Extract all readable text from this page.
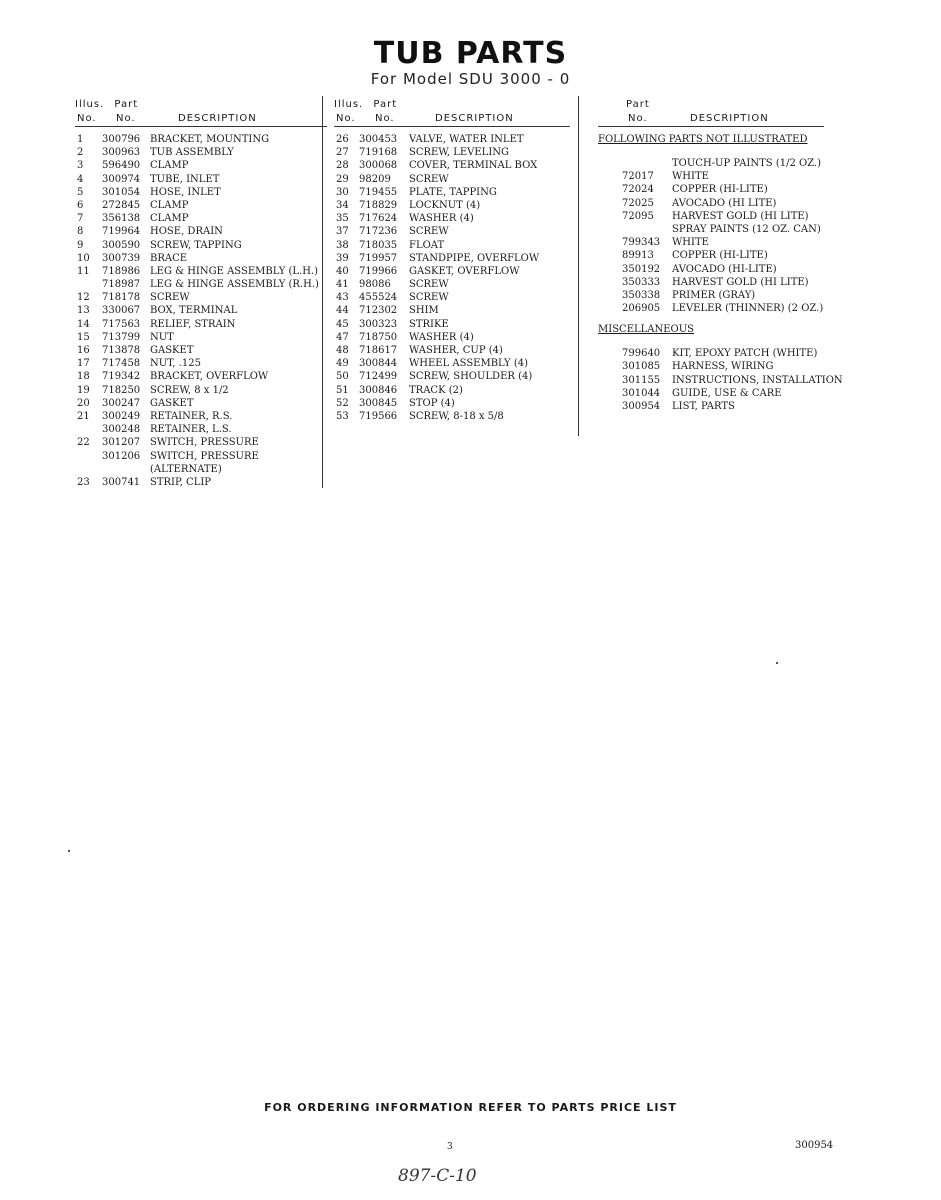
TUB PARTS
For Model SDU 3000 - 0
Illus. Part
No. No.	DESCRIPTION
1 300796 BRACKET, MOUNTING
2 300963 TUB ASSEMBLY
3 596490 CLAMP
4 300974 TUBE, INLET
5 301054 HOSE, INLET
6 272845 CLAMP
7 356138 CLAMP
8 719964 HOSE, DRAIN
9 300590 SCREW, TAPPING
10 300739 BRACE
11 718986 LEG & HINGE ASSEMBLY (L.H.)
718987 LEG & HINGE ASSEMBLY (R.H.)
12 718178 SCREW
13 330067 BOX, TERMINAL
14 717563 RELIEF, STRAIN
15 713799 NUT
16 713878 GASKET
17 717458 NUT, .125
18 719342 BRACKET, OVERFLOW
19 718250 SCREW, 8 x 1/2
20 300247 GASKET
21 300249 RETAINER, R.S.
300248 RETAINER, L.S.
22 301207 SWITCH, PRESSURE
301206 SWITCH, PRESSURE
(ALTERNATE)
23 300741 STRIP, CLIP
Illus. Part
No. No.	DESCRIPTION
26 300453 VALVE, WATER INLET
27 719168 SCREW, LEVELING
28 300068 COVER, TERMINAL BOX
29 98209 SCREW
30 719455 PLATE, TAPPING
34 718829 LOCKNUT (4)
35 717624 WASHER (4)
37 717236 SCREW
38 718035 FLOAT
39 719957 STANDPIPE, OVERFLOW
40 719966 GASKET, OVERFLOW
41 98086 SCREW
43 455524 SCREW
44 712302 SHIM
45 300323 STRIKE
47 718750 WASHER (4)
48 718617 WASHER, CUP (4)
49 300844 WHEEL ASSEMBLY (4)
50 712499 SCREW, SHOULDER (4)
51 300846 TRACK (2)
52 300845 STOP (4)
53 719566 SCREW, 8-18 x 5/8
Part
No.	DESCRIPTION
FOLLOWING PARTS NOT ILLUSTRATED
TOUCH-UP PAINTS (1/2 OZ.)
72017 WHITE
72024 COPPER (HI-LITE)
72025 AVOCADO (HI LITE)
72095 HARVEST GOLD (HI LITE)
SPRAY PAINTS (12 OZ. CAN)
799343 WHITE
89913 COPPER (HI-LITE)
350192 AVOCADO (HI-LITE)
350333 HARVEST GOLD (HI LITE)
350338 PRIMER (GRAY)
206905 LEVELER (THINNER) (2 OZ.)
MISCELLANEOUS
799640 KIT, EPOXY PATCH (WHITE)
301085 HARNESS, WIRING
301155 INSTRUCTIONS, INSTALLATION
301044 GUIDE, USE & CARE
300954 LIST, PARTS
FOR ORDERING INFORMATION REFER TO PARTS PRICE LIST
3	300954
897-C-10
